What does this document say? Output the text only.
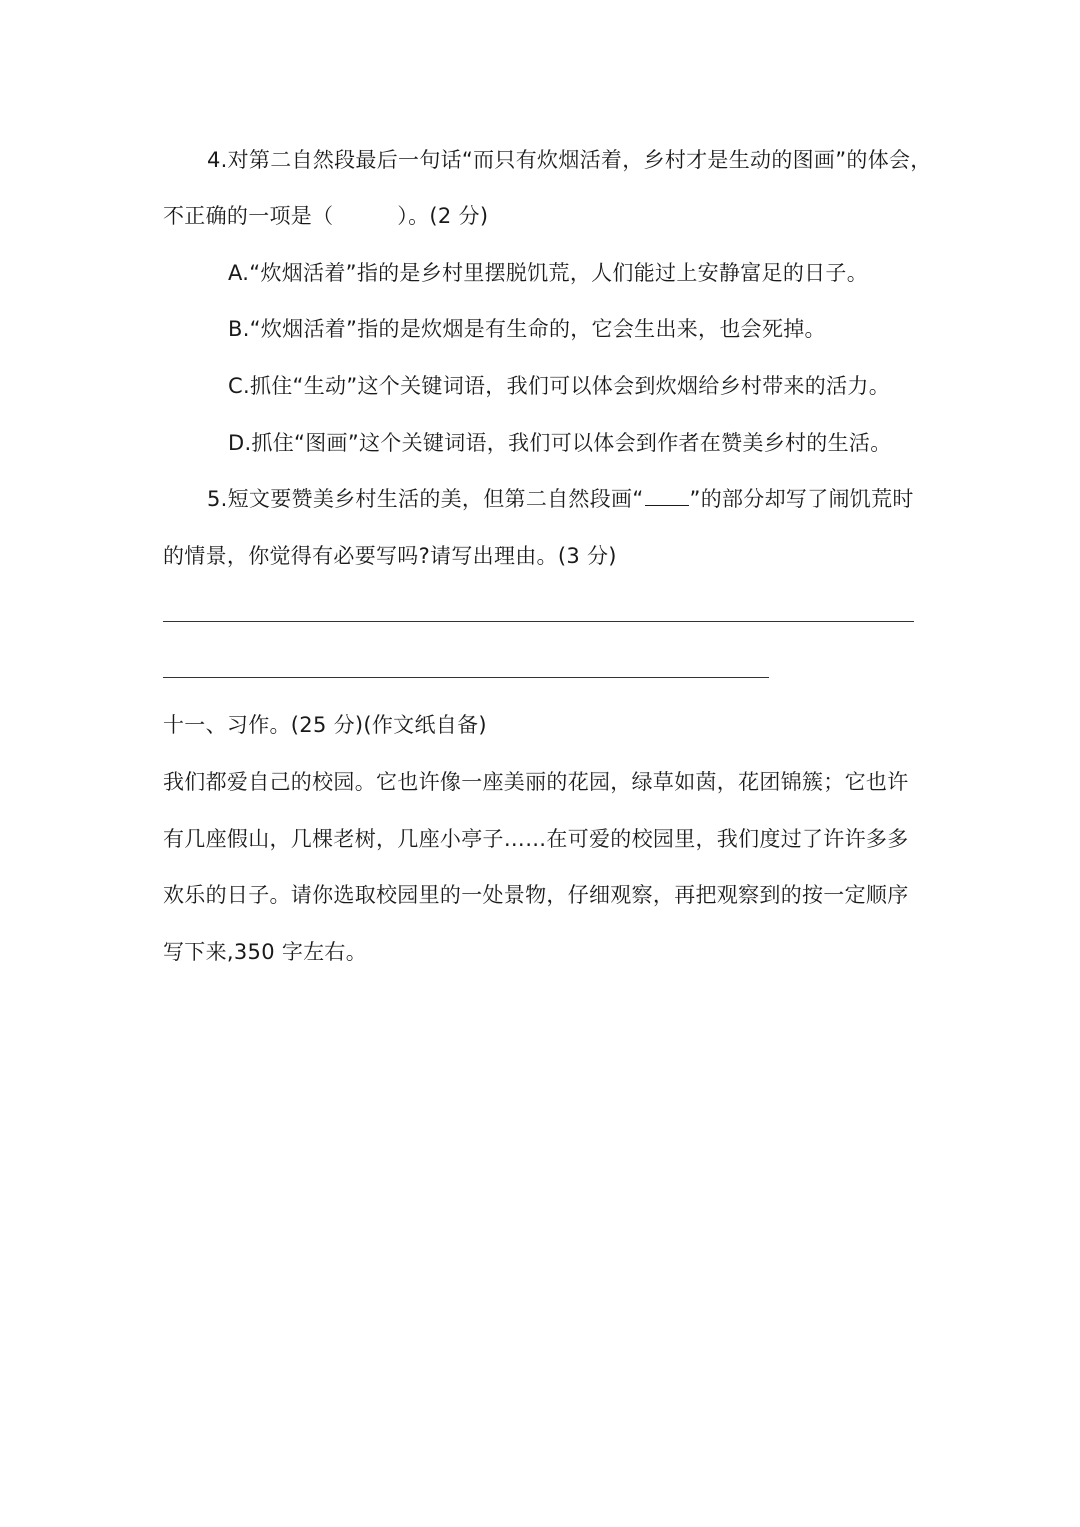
4.对第二自然段最后一句话“而只有炊烟活着，乡村才是生动的图画”的体会，
不正确的一项是（　　　）。(2 分)
A.“炊烟活着”指的是乡村里摆脱饥荒，人们能过上安静富足的日子。
B.“炊烟活着”指的是炊烟是有生命的，它会生出来，也会死掉。
C.抓住“生动”这个关键词语，我们可以体会到炊烟给乡村带来的活力。
D.抓住“图画”这个关键词语，我们可以体会到作者在赞美乡村的生活。
5.短文要赞美乡村生活的美，但第二自然段画“ ”的部分却写了闹饥荒时
的情景，你觉得有必要写吗?请写出理由。(3 分)
十一、习作。(25 分)(作文纸自备)
我们都爱自己的校园。它也许像一座美丽的花园，绿草如茵，花团锦簇；它也许
有几座假山，几棵老树，几座小亭子……在可爱的校园里，我们度过了许许多多
欢乐的日子。请你选取校园里的一处景物，仔细观察，再把观察到的按一定顺序
写下来,350 字左右。
